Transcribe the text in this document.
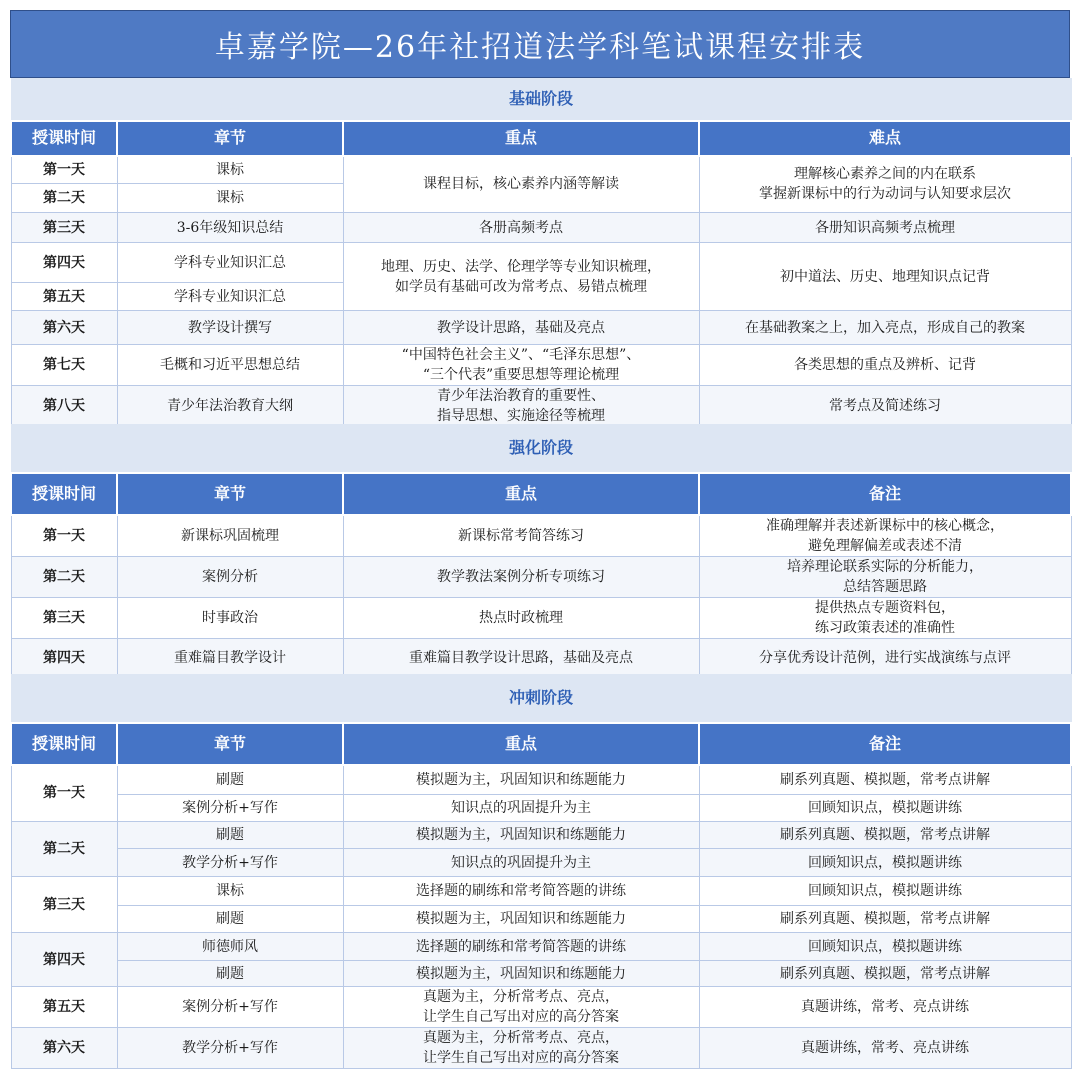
卓嘉学院—26年社招道法学科笔试课程安排表
基础阶段			
授课时间	章节	重点	难点
第一天	课标	课程目标，核心素养内涵等解读	理解核心素养之间的内在联系
掌握新课标中的行为动词与认知要求层次

第二天	课标		
第三天	3-6年级知识总结	各册高频考点	各册知识高频考点梳理
第四天	学科专业知识汇总	地理、历史、法学、伦理学等专业知识梳理，
如学员有基础可改为常考点、易错点梳理	初中道法、历史、地理知识点记背
第五天	学科专业知识汇总		
第六天	教学设计撰写	教学设计思路，基础及亮点	在基础教案之上，加入亮点，形成自己的教案
第七天	毛概和习近平思想总结	“中国特色社会主义”、“毛泽东思想”、
“三个代表”重要思想等理论梳理	各类思想的重点及辨析、记背
第八天	青少年法治教育大纲	青少年法治教育的重要性、
指导思想、实施途径等梳理	常考点及简述练习
强化阶段			
授课时间	章节	重点	备注
第一天	新课标巩固梳理	新课标常考简答练习	准确理解并表述新课标中的核心概念，
避免理解偏差或表述不清

第二天	案例分析	教学教法案例分析专项练习	培养理论联系实际的分析能力，
总结答题思路

第三天	时事政治	热点时政梳理	提供热点专题资料包，
练习政策表述的准确性

第四天	重难篇目教学设计	重难篇目教学设计思路，基础及亮点	分享优秀设计范例，进行实战演练与点评
冲刺阶段			
授课时间	章节	重点	备注
第一天	刷题	模拟题为主，巩固知识和练题能力	刷系列真题、模拟题，常考点讲解
	案例分析+写作	知识点的巩固提升为主	回顾知识点，模拟题讲练
第二天	刷题	模拟题为主，巩固知识和练题能力	刷系列真题、模拟题，常考点讲解
	教学分析+写作	知识点的巩固提升为主	回顾知识点，模拟题讲练
第三天	课标	选择题的刷练和常考简答题的讲练	回顾知识点，模拟题讲练
	刷题	模拟题为主，巩固知识和练题能力	刷系列真题、模拟题，常考点讲解
第四天	师德师风	选择题的刷练和常考简答题的讲练	回顾知识点，模拟题讲练
	刷题	模拟题为主，巩固知识和练题能力	刷系列真题、模拟题，常考点讲解
第五天	案例分析+写作	真题为主，分析常考点、亮点，
让学生自己写出对应的高分答案	真题讲练，常考、亮点讲练
第六天	教学分析+写作	真题为主，分析常考点、亮点，
让学生自己写出对应的高分答案	真题讲练，常考、亮点讲练
